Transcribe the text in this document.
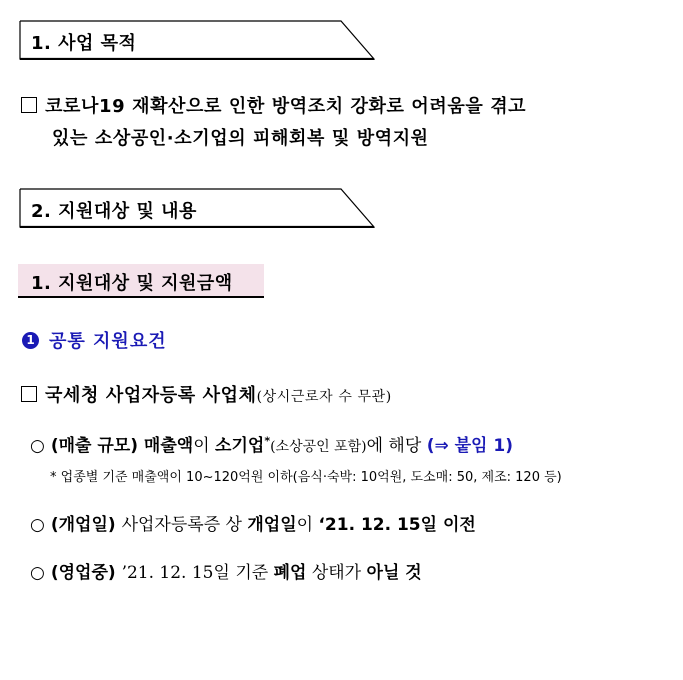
1. 사업 목적
코로나19 재확산으로 인한 방역조치 강화로 어려움을 겪고
있는 소상공인·소기업의 피해회복 및 방역지원
2. 지원대상 및 내용
1. 지원대상 및 지원금액
1 공통 지원요건
국세청 사업자등록 사업체(상시근로자 수 무관)
○ (매출 규모) 매출액이 소기업*(소상공인 포함)에 해당 (⇒ 붙임 1)
* 업종별 기준 매출액이 10~120억원 이하(음식·숙박: 10억원, 도소매: 50, 제조: 120 등)
○ (개업일) 사업자등록증 상 개업일이 ‘21. 12. 15일 이전
○ (영업중) ’21. 12. 15일 기준 폐업 상태가 아닐 것
